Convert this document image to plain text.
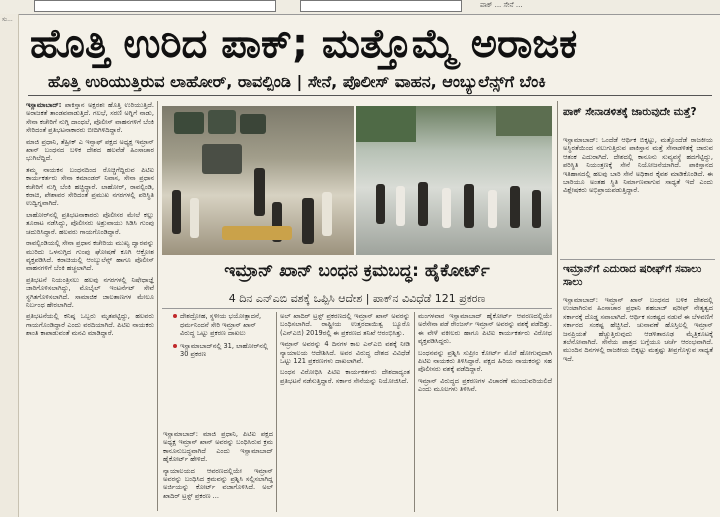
ಪಾಕ್ ... ಸೇನೆ ...
ಸು...
ಹೊತ್ತಿ ಉರಿದ ಪಾಕ್; ಮತ್ತೊಮ್ಮೆ ಅರಾಜಕ
ಹೊತ್ತಿ ಉರಿಯುತ್ತಿರುವ ಲಾಹೋರ್, ರಾವಲ್ಪಿಂಡಿ | ಸೇನೆ, ಪೊಲೀಸ್ ವಾಹನ, ಆಂಬ್ಯುಲೆನ್ಸ್‌ಗೆ ಬೆಂಕಿ

ಇಸ್ಲಾಮಾಬಾದ್: ಪಾಕಿಸ್ತಾನ ಅಕ್ಷರಶಃ ಹೊತ್ತಿ ಉರಿಯುತ್ತಿದೆ. ಅರಾಜಕತೆ ತಾಂಡವವಾಡುತ್ತಿದೆ. ಗಲಭೆ, ಸರಣಿ ಅಗ್ನಿಗೆ ನಾಡು, ಸೇನಾ ಕಚೇರಿಗೆ ನುಗ್ಗಿ ದಾಂಧಲೆ, ಪೊಲೀಸ್ ವಾಹನಗಳಿಗೆ ಬೆಂಕಿ ಸೇರಿದಂತೆ ಪ್ರತಿಭಟನಾಕಾರರು ಬೀದಿಗಿಳಿದಿದ್ದಾರೆ.

ಮಾಜಿ ಪ್ರಧಾನಿ, ತೆಹ್ರೀಕ್ ಎ ಇನ್ಸಾಫ್ ಪಕ್ಷದ ಅಧ್ಯಕ್ಷ ಇಮ್ರಾನ್ ಖಾನ್ ಬಂಧನದ ಬಳಿಕ ದೇಶದ ಹಲವೆಡೆ ಹಿಂಸಾಚಾರ ಭುಗಿಲೆದ್ದಿದೆ.

ತಮ್ಮ ನಾಯಕನ ಬಂಧನದಿಂದ ರೊಚ್ಚಿಗೆದ್ದಿರುವ ಪಿಟಿಐ ಕಾರ್ಯಕರ್ತರು ಸೇನಾ ಕಮಾಂಡರ್ ನಿವಾಸ, ಸೇನಾ ಪ್ರಧಾನ ಕಚೇರಿಗೆ ನುಗ್ಗಿ ಬೆಂಕಿ ಹಚ್ಚಿದ್ದಾರೆ. ಲಾಹೋರ್, ರಾವಲ್ಪಿಂಡಿ, ಕರಾಚಿ, ಪೇಶಾವರ ಸೇರಿದಂತೆ ಪ್ರಮುಖ ನಗರಗಳಲ್ಲಿ ಪರಿಸ್ಥಿತಿ ಉದ್ವಿಗ್ನವಾಗಿದೆ.

ಲಾಹೋರ್‌ನಲ್ಲಿ ಪ್ರತಿಭಟನಾಕಾರರು ಪೊಲೀಸರ ಮೇಲೆ ಕಲ್ಲು ತೂರಾಟ ನಡೆಸಿದ್ದು, ಪೊಲೀಸರು ಅಶ್ರುವಾಯು ಸಿಡಿಸಿ ಗುಂಪು ಚದುರಿಸಿದ್ದಾರೆ. ಹಲವರು ಗಾಯಗೊಂಡಿದ್ದಾರೆ.

ರಾವಲ್ಪಿಂಡಿಯಲ್ಲಿ ಸೇನಾ ಪ್ರಧಾನ ಕಚೇರಿಯ ಮುಖ್ಯ ದ್ವಾರವನ್ನು ಮುರಿದು ಒಳನುಗ್ಗಿದ ಗುಂಪು ಘೋಷಣೆ ಕೂಗಿ ಆಕ್ರೋಶ ವ್ಯಕ್ತಪಡಿಸಿದೆ. ಕರಾಚಿಯಲ್ಲಿ ಆಂಬ್ಯುಲೆನ್ಸ್ ಹಾಗೂ ಪೊಲೀಸ್ ವಾಹನಗಳಿಗೆ ಬೆಂಕಿ ಹಚ್ಚಲಾಗಿದೆ.

ಪ್ರತಿಭಟನೆ ನಿಯಂತ್ರಿಸಲು ಹಲವು ನಗರಗಳಲ್ಲಿ ನಿಷೇಧಾಜ್ಞೆ ಜಾರಿಗೊಳಿಸಲಾಗಿದ್ದು, ಮೊಬೈಲ್ ಇಂಟರ್ನೆಟ್ ಸೇವೆ ಸ್ಥಗಿತಗೊಳಿಸಲಾಗಿದೆ. ಸಾಮಾಜಿಕ ಜಾಲತಾಣಗಳ ಮೇಲೂ ನಿರ್ಬಂಧ ಹೇರಲಾಗಿದೆ.

ಪ್ರತಿಭಟನೆಯಲ್ಲಿ ಕನಿಷ್ಠ ಒಬ್ಬರು ಮೃತಪಟ್ಟಿದ್ದು, ಹಲವರು ಗಾಯಗೊಂಡಿದ್ದಾರೆ ಎಂದು ವರದಿಯಾಗಿದೆ. ಪಿಟಿಐ ನಾಯಕರು ಶಾಂತಿ ಕಾಪಾಡುವಂತೆ ಮನವಿ ಮಾಡಿದ್ದಾರೆ.

ಇಮ್ರಾನ್ ಖಾನ್ ಬಂಧನ ಕ್ರಮಬದ್ಧ: ಹೈಕೋರ್ಟ್
4 ದಿನ ಎನ್‌ಎಬಿ ವಶಕ್ಕೆ ಒಪ್ಪಿಸಿ ಆದೇಶ | ಪಾಕ್‌ನ ವಿವಿಧೆಡೆ 121 ಪ್ರಕರಣ
ದೇಶದ್ರೋಹ, ಸ್ಥಳೀಯ ಭಯೋತ್ಪಾದನೆ, ಧರ್ಮನಿಂದನೆ ಸೇರಿ ಇಮ್ರಾನ್ ಖಾನ್ ವಿರುದ್ಧ ಒಟ್ಟು ಪ್ರಕರಣ ದಾಖಲು
ಇಸ್ಲಾಮಾಬಾದ್‌ನಲ್ಲಿ 31, ಲಾಹೋರ್‌ನಲ್ಲಿ 30 ಪ್ರಕರಣ

ಇಸ್ಲಾಮಾಬಾದ್: ಮಾಜಿ ಪ್ರಧಾನಿ, ಪಿಟಿಐ ಪಕ್ಷದ ಅಧ್ಯಕ್ಷ ಇಮ್ರಾನ್ ಖಾನ್ ಅವರನ್ನು ಬಂಧಿಸಿರುವ ಕ್ರಮ ಕಾನೂನುಬದ್ಧವಾಗಿದೆ ಎಂದು ಇಸ್ಲಾಮಾಬಾದ್ ಹೈಕೋರ್ಟ್ ಹೇಳಿದೆ.

ನ್ಯಾಯಾಲಯದ ಆವರಣದಲ್ಲಿಯೇ ಇಮ್ರಾನ್ ಅವರನ್ನು ಬಂಧಿಸಿದ ಕ್ರಮವನ್ನು ಪ್ರಶ್ನಿಸಿ ಸಲ್ಲಿಸಲಾಗಿದ್ದ ಅರ್ಜಿಯನ್ನು ಕೋರ್ಟ್ ವಜಾಗೊಳಿಸಿದೆ. ಅಲ್ ಖಾದಿರ್ ಟ್ರಸ್ಟ್ ಪ್ರಕರಣ ...

ಅಲ್ ಖಾದಿರ್ ಟ್ರಸ್ಟ್ ಪ್ರಕರಣದಲ್ಲಿ ಇಮ್ರಾನ್ ಖಾನ್ ಅವರನ್ನು ಬಂಧಿಸಲಾಗಿದೆ. ರಾಷ್ಟ್ರೀಯ ಉತ್ತರದಾಯಿತ್ವ ಬ್ಯೂರೊ (ಎನ್‌ಎಬಿ) 2019ರಲ್ಲಿ ಈ ಪ್ರಕರಣದ ತನಿಖೆ ಆರಂಭಿಸಿತ್ತು.

ಇಮ್ರಾನ್ ಅವರನ್ನು 4 ದಿನಗಳ ಕಾಲ ಎನ್‌ಎಬಿ ವಶಕ್ಕೆ ನೀಡಿ ನ್ಯಾಯಾಲಯ ಆದೇಶಿಸಿದೆ. ಅವರ ವಿರುದ್ಧ ದೇಶದ ವಿವಿಧೆಡೆ ಒಟ್ಟು 121 ಪ್ರಕರಣಗಳು ದಾಖಲಾಗಿವೆ.

ಬಂಧನ ವಿರೋಧಿಸಿ ಪಿಟಿಐ ಕಾರ್ಯಕರ್ತರು ದೇಶದಾದ್ಯಂತ ಪ್ರತಿಭಟನೆ ನಡೆಸುತ್ತಿದ್ದಾರೆ. ಸರ್ಕಾರ ಸೇನೆಯನ್ನು ನಿಯೋಜಿಸಿದೆ.

ಮಂಗಳವಾರ ಇಸ್ಲಾಮಾಬಾದ್ ಹೈಕೋರ್ಟ್ ಆವರಣದಲ್ಲಿಯೇ ಅರೆಸೇನಾ ಪಡೆ ರೇಂಜರ್ಸ್ ಇಮ್ರಾನ್ ಅವರನ್ನು ವಶಕ್ಕೆ ಪಡೆದಿತ್ತು. ಈ ವೇಳೆ ವಕೀಲರು ಹಾಗೂ ಪಿಟಿಐ ಕಾರ್ಯಕರ್ತರು ವಿರೋಧ ವ್ಯಕ್ತಪಡಿಸಿದ್ದರು.

ಬಂಧನವನ್ನು ಪ್ರಶ್ನಿಸಿ ಸುಪ್ರೀಂ ಕೋರ್ಟ್ ಮೊರೆ ಹೋಗುವುದಾಗಿ ಪಿಟಿಐ ನಾಯಕರು ತಿಳಿಸಿದ್ದಾರೆ. ಪಕ್ಷದ ಹಿರಿಯ ನಾಯಕರನ್ನು ಸಹ ಪೊಲೀಸರು ವಶಕ್ಕೆ ಪಡೆದಿದ್ದಾರೆ.

ಇಮ್ರಾನ್ ವಿರುದ್ಧದ ಪ್ರಕರಣಗಳ ವಿಚಾರಣೆ ಮುಂದುವರಿಯಲಿದೆ ಎಂದು ಮೂಲಗಳು ತಿಳಿಸಿವೆ.

ಪಾಕ್ ಸೇನಾಡಳಿತಕ್ಕೆ ಜಾರುವುದೇ ಮತ್ತೆ?

ಇಸ್ಲಾಮಾಬಾದ್: ಒಂದೆಡೆ ಆರ್ಥಿಕ ಬಿಕ್ಕಟ್ಟು, ಮತ್ತೊಂದೆಡೆ ರಾಜಕೀಯ ಅಸ್ಥಿರತೆಯಿಂದ ನಲುಗುತ್ತಿರುವ ಪಾಕಿಸ್ತಾನ ಮತ್ತೆ ಸೇನಾಡಳಿತಕ್ಕೆ ಜಾರುವ ಆತಂಕ ಎದುರಾಗಿದೆ. ದೇಶದಲ್ಲಿ ಕಾನೂನು ಸುವ್ಯವಸ್ಥೆ ಹದಗೆಟ್ಟಿದ್ದು, ಪರಿಸ್ಥಿತಿ ನಿಯಂತ್ರಣಕ್ಕೆ ಸೇನೆ ನಿಯೋಜನೆಯಾಗಿದೆ. ಪಾಕಿಸ್ತಾನದ ಇತಿಹಾಸದಲ್ಲಿ ಹಲವು ಬಾರಿ ಸೇನೆ ಅಧಿಕಾರ ಕೈವಶ ಮಾಡಿಕೊಂಡಿದೆ. ಈ ಬಾರಿಯೂ ಅಂತಹ ಸ್ಥಿತಿ ನಿರ್ಮಾಣವಾಗುವ ಸಾಧ್ಯತೆ ಇದೆ ಎಂದು ವಿಶ್ಲೇಷಕರು ಅಭಿಪ್ರಾಯಪಡುತ್ತಿದ್ದಾರೆ.

ಇಮ್ರಾನ್‌ಗೆ ಎದುರಾದ ಷರೀಫ್‌ಗೆ ಸವಾಲು ಸಾಲು

ಇಸ್ಲಾಮಾಬಾದ್: ಇಮ್ರಾನ್ ಖಾನ್ ಬಂಧನದ ಬಳಿಕ ದೇಶದಲ್ಲಿ ಉಂಟಾಗಿರುವ ಹಿಂಸಾಚಾರ ಪ್ರಧಾನಿ ಶಹಬಾಜ್ ಷರೀಫ್ ನೇತೃತ್ವದ ಸರ್ಕಾರಕ್ಕೆ ದೊಡ್ಡ ಸವಾಲಾಗಿದೆ. ಆರ್ಥಿಕ ಸಂಕಷ್ಟದ ನಡುವೆ ಈ ಬೆಳವಣಿಗೆ ಸರ್ಕಾರದ ಸಂಕಷ್ಟ ಹೆಚ್ಚಿಸಿದೆ. ಚುನಾವಣೆ ಹೊಸ್ತಿಲಲ್ಲಿ ಇಮ್ರಾನ್ ಜನಪ್ರಿಯತೆ ಹೆಚ್ಚುತ್ತಿರುವುದು ಆಡಳಿತಾರೂಢ ಮೈತ್ರಿಕೂಟಕ್ಕೆ ತಲೆನೋವಾಗಿದೆ. ಸೇನೆಯ ಪಾತ್ರದ ಬಗ್ಗೆಯೂ ಚರ್ಚೆ ಆರಂಭವಾಗಿದೆ. ಮುಂದಿನ ದಿನಗಳಲ್ಲಿ ರಾಜಕೀಯ ಬಿಕ್ಕಟ್ಟು ಮತ್ತಷ್ಟು ತೀವ್ರಗೊಳ್ಳುವ ಸಾಧ್ಯತೆ ಇದೆ.
